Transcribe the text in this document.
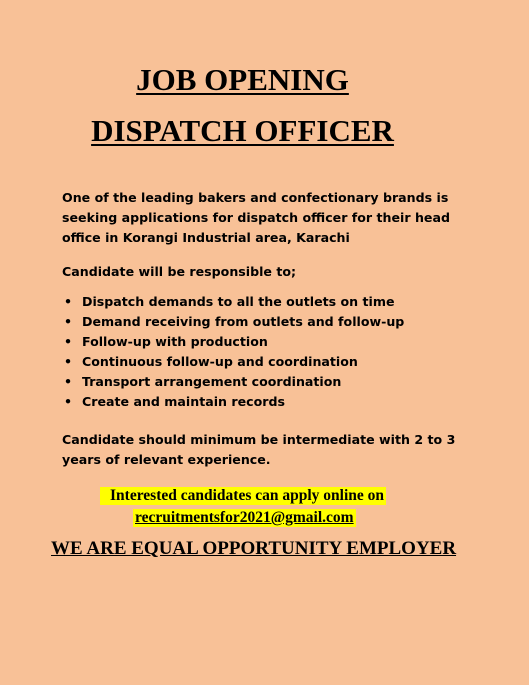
JOB OPENING
DISPATCH OFFICER

One of the leading bakers and confectionary brands is seeking applications for dispatch officer for their head office in Korangi Industrial area, Karachi

Candidate will be responsible to;

• Dispatch demands to all the outlets on time
• Demand receiving from outlets and follow-up
• Follow-up with production
• Continuous follow-up and coordination
• Transport arrangement coordination
• Create and maintain records

Candidate should minimum be intermediate with 2 to 3 years of relevant experience.

Interested candidates can apply online on
recruitmentsfor2021@gmail.com

WE ARE EQUAL OPPORTUNITY EMPLOYER
